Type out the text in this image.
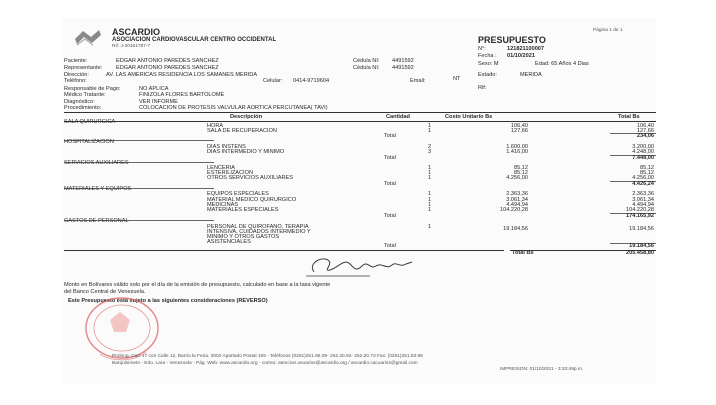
ASCARDIO
ASOCIACION CARDIOVASCULAR CENTRO OCCIDENTAL
Rif: J-30161787-7
Página 1 de 1
PRESUPUESTO
N°:	121821100007
Fecha : 01/10/2021
Sexo: M	Edad: 65 Años 4 Dias
Estado:	MERIDA
Rif:
Paciente:	EDGAR ANTONIO PAREDES SANCHEZ	Cédula NI: 4491592
Representante: EDGAR ANTONIO PAREDES SANCHEZ	Cédula NI: 4491592
Dirección:	AV. LAS AMERICAS RESIDENCIA LOS SAMANES MERIDA
Teléfono:	Celular: 0414-9719604	Email:	NT
Responsable de Pago:	NO APLICA
Médico Tratante:	FINIZOLA FLORES BARTOLOME
Diagnóstico:	VER INFORME
Procedimiento:	COLOCACION DE PROTESIS VALVULAR AORTICA PERCUTANEA( TAVI)
Descripción	Cantidad	Costo Unitario Bs	Total Bs
SALA QUIRURGICA
HORA	1	106,40	106,40
SALA DE RECUPERACION	1	127,66	127,66
Total	234,06
HOSPITALIZACION
DIAS INSTENS	2	1.600,00	3.200,00
DIAS INTERMEDIO Y MINIMO	3	1.416,00	4.248,00
Total	7.448,00
SERVICIOS AUXILIARES
LENCERIA	1	85,12	85,12
ESTERILIZACION	1	85,12	85,12
OTROS SERVICIOS AUXILIARES	1	4.256,00	4.256,00
Total	4.426,24
MATERIALES Y EQUIPOS
EQUIPOS ESPECIALES	1	2.363,36	2.363,36
MATERIAL MEDICO QUIRURGICO	1	3.061,34	3.061,34
MEDICINAS	1	4.494,94	4.494,94
MATERIALES ESPECIALES	1	104.220,28	104.220,28
Total	174.165,92
GASTOS DE PERSONAL
PERSONAL DE QUIROFANO, TERAPIA
INTENSIVA, CUIDADOS INTERMEDIO Y
MINIMO Y OTROS GASTOS
ASISTENCIALES
1	19.184,56	19.184,56
Total	19.184,56
Total Bs	205.458,80
Monto en Bolívares válido solo por el día de la emisión de presupuesto, calculado en base a la tasa vigente
del Banco Central de Venezuela.
Este Presupuesto está sujeto a las siguientes consideraciones (REVERSO)
Prolong. Carr 17 con Calle 12, Barrio la Feria. 3002 Apartado Postal 155 - Teléfonos (0251)251.65.09- 252.20.92- 252.20.73 Fax: (0251)251.83.98
Barquisimeto - Edo. Lara - Venezuela - Pág. Web: www.ascardio.org - correo: atencion.usuarios@ascardio.org / ascardio.cacuarios@gmail.com
IMPRESION: 01/10/2021 - 3:33:48p.m.
